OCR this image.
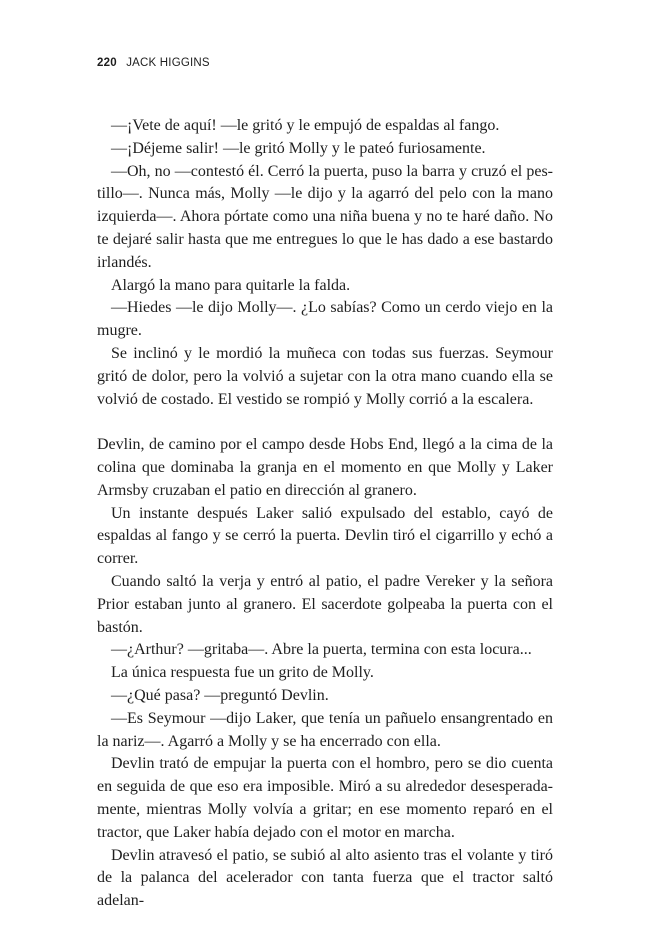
220 JACK HIGGINS

—¡Vete de aquí! —le gritó y le empujó de espaldas al fango.

—¡Déjeme salir! —le gritó Molly y le pateó furiosamente.

—Oh, no —contestó él. Cerró la puerta, puso la barra y cruzó el pestillo—. Nunca más, Molly —le dijo y la agarró del pelo con la mano izquierda—. Ahora pórtate como una niña buena y no te haré daño. No te dejaré salir hasta que me entregues lo que le has dado a ese bastardo irlandés.

Alargó la mano para quitarle la falda.

—Hiedes —le dijo Molly—. ¿Lo sabías? Como un cerdo viejo en la mugre.

Se inclinó y le mordió la muñeca con todas sus fuerzas. Seymour gritó de dolor, pero la volvió a sujetar con la otra mano cuando ella se volvió de costado. El vestido se rompió y Molly corrió a la escalera.

Devlin, de camino por el campo desde Hobs End, llegó a la cima de la colina que dominaba la granja en el momento en que Molly y Laker Armsby cruzaban el patio en dirección al granero.

Un instante después Laker salió expulsado del establo, cayó de espaldas al fango y se cerró la puerta. Devlin tiró el cigarrillo y echó a correr.

Cuando saltó la verja y entró al patio, el padre Vereker y la señora Prior estaban junto al granero. El sacerdote golpeaba la puerta con el bastón.

—¿Arthur? —gritaba—. Abre la puerta, termina con esta locura...

La única respuesta fue un grito de Molly.

—¿Qué pasa? —preguntó Devlin.

—Es Seymour —dijo Laker, que tenía un pañuelo ensangrentado en la nariz—. Agarró a Molly y se ha encerrado con ella.

Devlin trató de empujar la puerta con el hombro, pero se dio cuenta en seguida de que eso era imposible. Miró a su alrededor desesperadamente, mientras Molly volvía a gritar; en ese momento reparó en el tractor, que Laker había dejado con el motor en marcha.

Devlin atravesó el patio, se subió al alto asiento tras el volante y tiró de la palanca del acelerador con tanta fuerza que el tractor saltó adelan-
